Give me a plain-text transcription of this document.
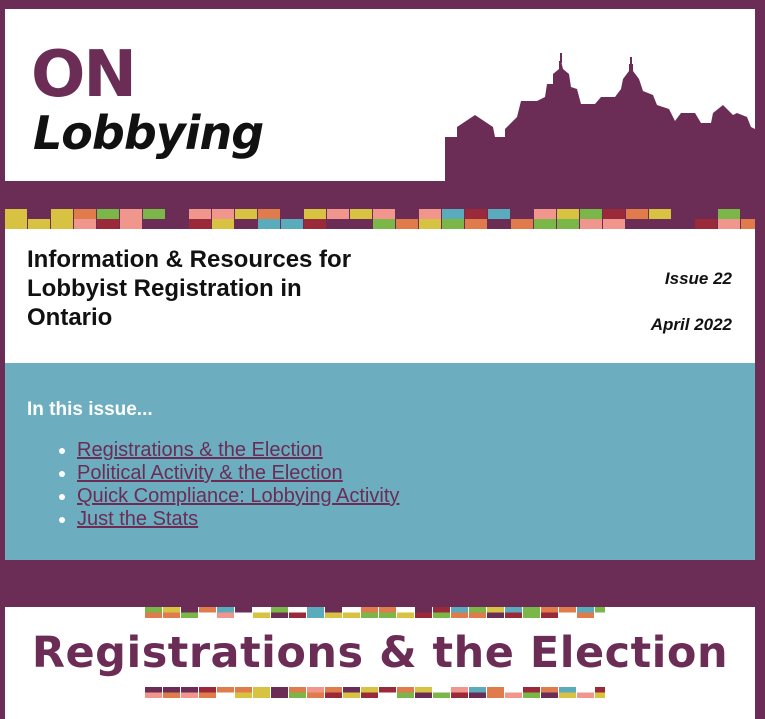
ON
Lobbying
Information & Resources for Lobbyist Registration in Ontario
Issue 22
April 2022
In this issue...
• Registrations & the Election
• Political Activity & the Election
• Quick Compliance: Lobbying Activity
• Just the Stats
Registrations & the Election
